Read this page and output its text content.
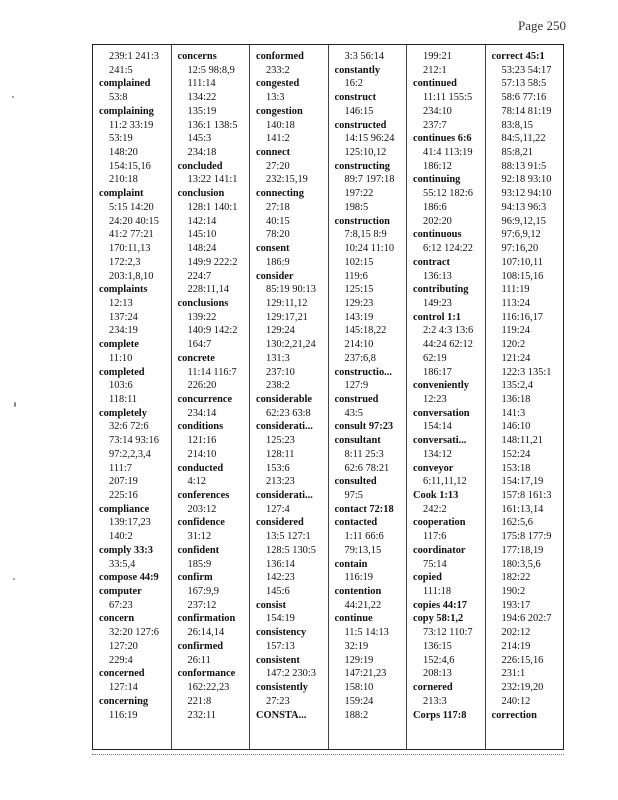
Page 250
239:1 241:3
241:5
complained
53:8
complaining
11:2 33:19
53:19
148:20
154:15,16
210:18
complaint
5:15 14:20
24:20 40:15
41:2 77:21
170:11,13
172:2,3
203:1,8,10
complaints
12:13
137:24
234:19
complete
11:10
completed
103:6
118:11
completely
32:6 72:6
73:14 93:16
97:2,2,3,4
111:7
207:19
225:16
compliance
139:17,23
140:2
comply 33:3
33:5,4
compose 44:9
computer
67:23
concern
32:20 127:6
127:20
229:4
concerned
127:14
concerning
116:19
concerns
12:5 98:8,9
111:14
134:22
135:19
136:1 138:5
145:3
234:18
concluded
13:22 141:1
conclusion
128:1 140:1
142:14
145:10
148:24
149:9 222:2
224:7
228:11,14
conclusions
139:22
140:9 142:2
164:7
concrete
11:14 116:7
226:20
concurrence
234:14
conditions
121:16
214:10
conducted
4:12
conferences
203:12
confidence
31:12
confident
185:9
confirm
167:9,9
237:12
confirmation
26:14,14
confirmed
26:11
conformance
162:22,23
221:8
232:11
conformed
233:2
congested
13:3
congestion
140:18
141:2
connect
27:20
232:15,19
connecting
27:18
40:15
78:20
consent
186:9
consider
85:19 90:13
129:11,12
129:17,21
129:24
130:2,21,24
131:3
237:10
238:2
considerable
62:23 63:8
considerati...
125:23
128:11
153:6
213:23
considerati...
127:4
considered
13:5 127:1
128:5 130:5
136:14
142:23
145:6
consist
154:19
consistency
157:13
consistent
147:2 230:3
consistently
27:23
CONSTA...
3:3 56:14
constantly
16:2
construct
146:15
constructed
14:15 96:24
125:10,12
constructing
89:7 197:18
197:22
198:5
construction
7:8,15 8:9
10:24 11:10
102:15
119:6
125:15
129:23
143:19
145:18,22
214:10
237:6,8
constructio...
127:9
construed
43:5
consult 97:23
consultant
8:11 25:3
62:6 78:21
consulted
97:5
contact 72:18
contacted
1:11 66:6
79:13,15
contain
116:19
contention
44:21,22
continue
11:5 14:13
32:19
129:19
147:21,23
158:10
159:24
188:2
199:21
212:1
continued
11:11 155:5
234:10
237:7
continues 6:6
41:4 113:19
186:12
continuing
55:12 182:6
186:6
202:20
continuous
6:12 124:22
contract
136:13
contributing
149:23
control 1:1
2:2 4:3 13:6
44:24 62:12
62:19
186:17
conveniently
12:23
conversation
154:14
conversati...
134:12
conveyor
6:11,11,12
Cook 1:13
242:2
cooperation
117:6
coordinator
75:14
copied
111:18
copies 44:17
copy 58:1,2
73:12 110:7
136:15
152:4,6
208:13
cornered
213:3
Corps 117:8
correct 45:1
53:23 54:17
57:13 58:5
58:6 77:16
78:14 81:19
83:8,15
84:5,11,22
85:8,21
88:13 91:5
92:18 93:10
93:12 94:10
94:13 96:3
96:9,12,15
97:6,9,12
97:16,20
107:10,11
108:15,16
111:19
113:24
116:16,17
119:24
120:2
121:24
122:3 135:1
135:2,4
136:18
141:3
146:10
148:11,21
152:24
153:18
154:17,19
157:8 161:3
161:13,14
162:5,6
175:8 177:9
177:18,19
180:3,5,6
182:22
190:2
193:17
194:6 202:7
202:12
214:19
226:15,16
231:1
232:19,20
240:12
correction
